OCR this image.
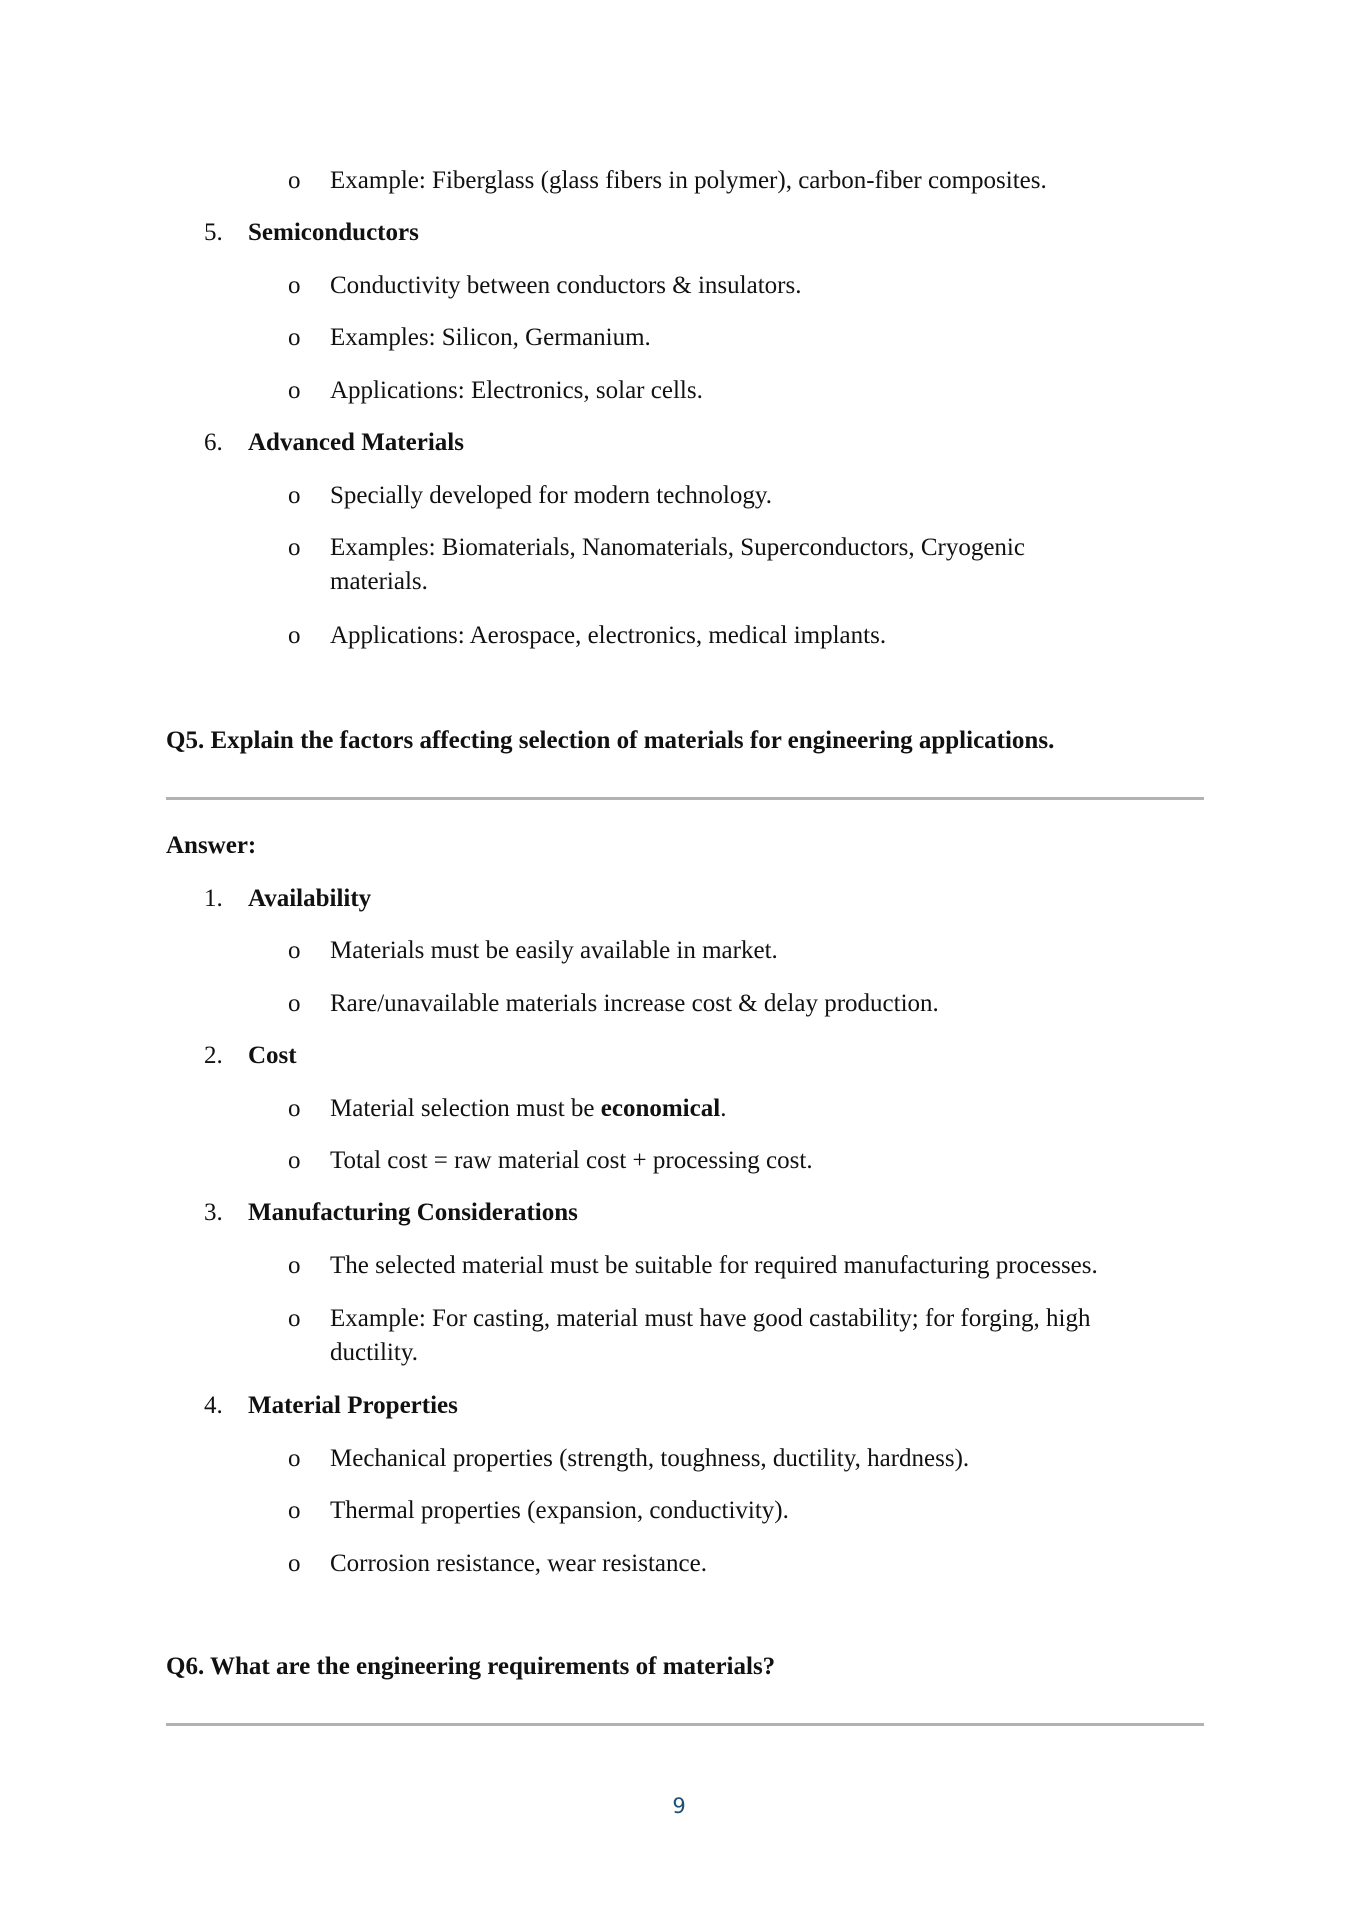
o Example: Fiberglass (glass fibers in polymer), carbon-fiber composites.
5. Semiconductors
o Conductivity between conductors & insulators.
o Examples: Silicon, Germanium.
o Applications: Electronics, solar cells.
6. Advanced Materials
o Specially developed for modern technology.
o Examples: Biomaterials, Nanomaterials, Superconductors, Cryogenic
materials.
o Applications: Aerospace, electronics, medical implants.
Q5. Explain the factors affecting selection of materials for engineering applications.
Answer:
1. Availability
o Materials must be easily available in market.
o Rare/unavailable materials increase cost & delay production.
2. Cost
o Material selection must be economical.
o Total cost = raw material cost + processing cost.
3. Manufacturing Considerations
o The selected material must be suitable for required manufacturing processes.
o Example: For casting, material must have good castability; for forging, high
ductility.
4. Material Properties
o Mechanical properties (strength, toughness, ductility, hardness).
o Thermal properties (expansion, conductivity).
o Corrosion resistance, wear resistance.
Q6. What are the engineering requirements of materials?
9
